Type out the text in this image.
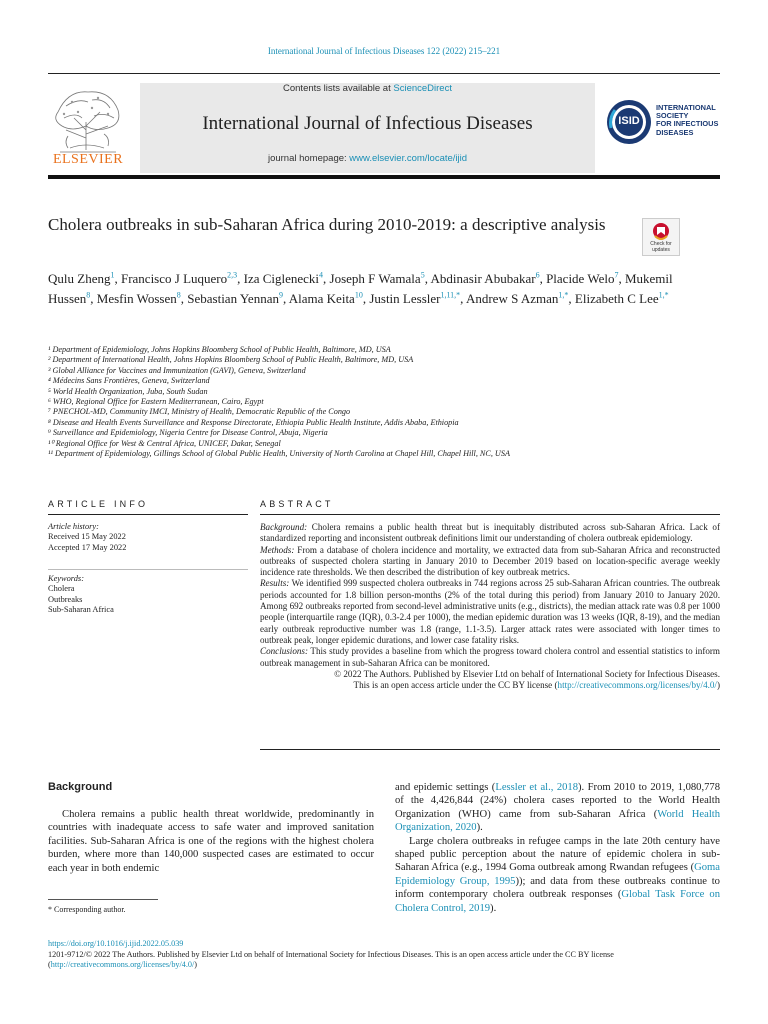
International Journal of Infectious Diseases 122 (2022) 215–221
ELSEVIER
Contents lists available at ScienceDirect
International Journal of Infectious Diseases
journal homepage: www.elsevier.com/locate/ijid
ISID
INTERNATIONAL
SOCIETY
FOR INFECTIOUS
DISEASES
Cholera outbreaks in sub-Saharan Africa during 2010-2019: a descriptive analysis
Check for
updates
Qulu Zheng$^1$, Francisco J Luquero$^{2,3}$, Iza Ciglenecki$^4$, Joseph F Wamala$^5$, Abdinasir Abubakar$^6$, Placide Welo$^7$, Mukemil Hussen$^8$, Mesfin Wossen$^8$, Sebastian Yennan$^9$, Alama Keita$^{10}$, Justin Lessler$^{1,11,*}$, Andrew S Azman$^{1,*}$, Elizabeth C Lee$^{1,*}$
¹ Department of Epidemiology, Johns Hopkins Bloomberg School of Public Health, Baltimore, MD, USA
² Department of International Health, Johns Hopkins Bloomberg School of Public Health, Baltimore, MD, USA
³ Global Alliance for Vaccines and Immunization (GAVI), Geneva, Switzerland
⁴ Médecins Sans Frontières, Geneva, Switzerland
⁵ World Health Organization, Juba, South Sudan
⁶ WHO, Regional Office for Eastern Mediterranean, Cairo, Egypt
⁷ PNECHOL-MD, Community IMCI, Ministry of Health, Democratic Republic of the Congo
⁸ Disease and Health Events Surveillance and Response Directorate, Ethiopia Public Health Institute, Addis Ababa, Ethiopia
⁹ Surveillance and Epidemiology, Nigeria Centre for Disease Control, Abuja, Nigeria
¹⁰ Regional Office for West & Central Africa, UNICEF, Dakar, Senegal
¹¹ Department of Epidemiology, Gillings School of Global Public Health, University of North Carolina at Chapel Hill, Chapel Hill, NC, USA
ARTICLE INFO	ABSTRACT
Article history:
Received 15 May 2022
Accepted 17 May 2022
Keywords:
Cholera
Outbreaks
Sub-Saharan Africa

Background: Cholera remains a public health threat but is inequitably distributed across sub-Saharan Africa. Lack of standardized reporting and inconsistent outbreak definitions limit our understanding of cholera outbreak epidemiology.

Methods: From a database of cholera incidence and mortality, we extracted data from sub-Saharan Africa and reconstructed outbreaks of suspected cholera starting in January 2010 to December 2019 based on location-specific average weekly incidence rate thresholds. We then described the distribution of key outbreak metrics.

Results: We identified 999 suspected cholera outbreaks in 744 regions across 25 sub-Saharan African countries. The outbreak periods accounted for 1.8 billion person-months (2% of the total during this period) from January 2010 to January 2020. Among 692 outbreaks reported from second-level administrative units (e.g., districts), the median attack rate was 0.8 per 1000 people (interquartile range (IQR), 0.3-2.4 per 1000), the median epidemic duration was 13 weeks (IQR, 8-19), and the median early outbreak reproductive number was 1.8 (range, 1.1-3.5). Larger attack rates were associated with longer times to outbreak peak, longer epidemic durations, and lower case fatality risks.

Conclusions: This study provides a baseline from which the progress toward cholera control and essential statistics to inform outbreak management in sub-Saharan Africa can be monitored.

© 2022 The Authors. Published by Elsevier Ltd on behalf of International Society for Infectious Diseases.

This is an open access article under the CC BY license (http://creativecommons.org/licenses/by/4.0/)

Background

Cholera remains a public health threat worldwide, predominantly in countries with inadequate access to safe water and improved sanitation facilities. Sub-Saharan Africa is one of the regions with the highest cholera burden, where more than 140,000 suspected cases are estimated to occur each year in both endemic

and epidemic settings (Lessler et al., 2018). From 2010 to 2019, 1,080,778 of the 4,426,844 (24%) cholera cases reported to the World Health Organization (WHO) came from sub-Saharan Africa (World Health Organization, 2020).

Large cholera outbreaks in refugee camps in the late 20th century have shaped public perception about the nature of epidemic cholera in sub-Saharan Africa (e.g., 1994 Goma outbreak among Rwandan refugees (Goma Epidemiology Group, 1995)); and data from these outbreaks continue to inform contemporary cholera outbreak responses (Global Task Force on Cholera Control, 2019).

* Corresponding author.
https://doi.org/10.1016/j.ijid.2022.05.039
1201-9712/© 2022 The Authors. Published by Elsevier Ltd on behalf of International Society for Infectious Diseases. This is an open access article under the CC BY license
(http://creativecommons.org/licenses/by/4.0/)
